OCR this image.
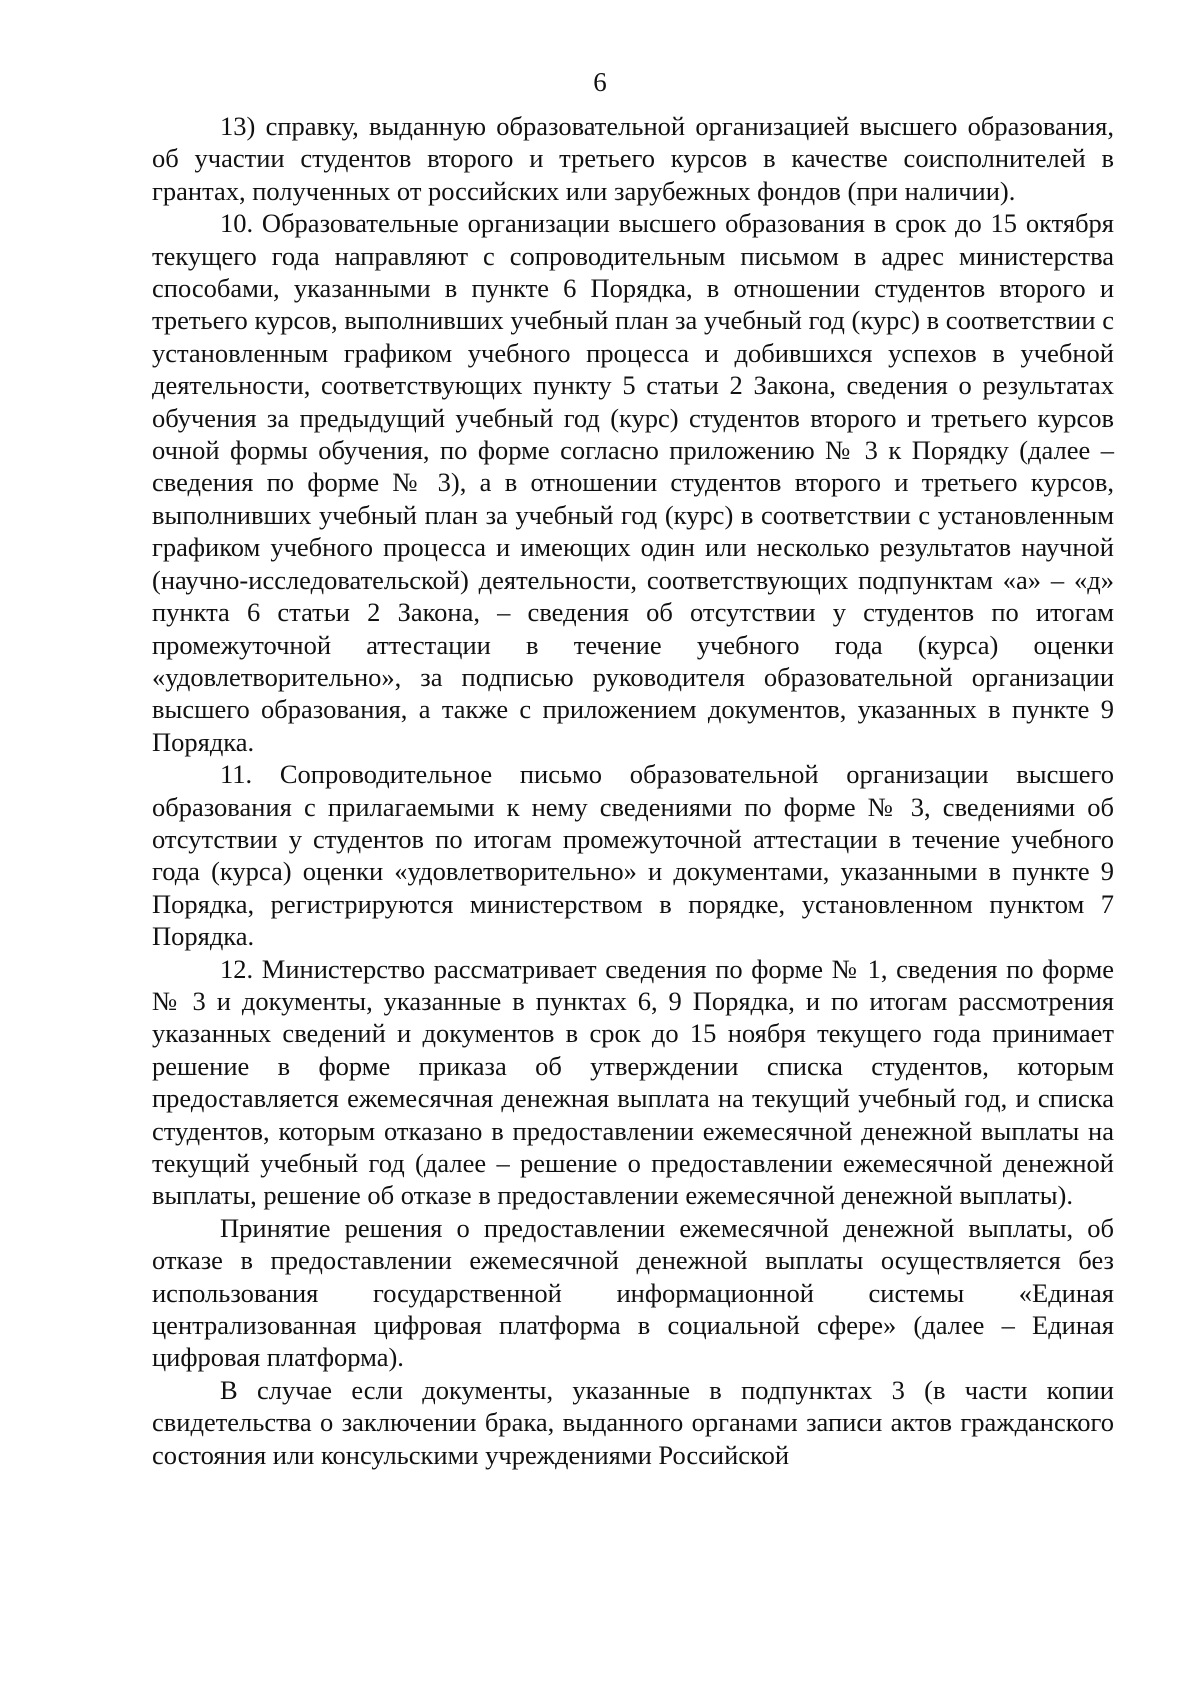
6

13) справку, выданную образовательной организацией высшего образования, об участии студентов второго и третьего курсов в качестве соисполнителей в грантах, полученных от российских или зарубежных фондов (при наличии).

10. Образовательные организации высшего образования в срок до 15 октября текущего года направляют с сопроводительным письмом в адрес министерства способами, указанными в пункте 6 Порядка, в отношении студентов второго и третьего курсов, выполнивших учебный план за учебный год (курс) в соответствии с установленным графиком учебного процесса и добившихся успехов в учебной деятельности, соответствующих пункту 5 статьи 2 Закона, сведения о результатах обучения за предыдущий учебный год (курс) студентов второго и третьего курсов очной формы обучения, по форме согласно приложению № 3 к Порядку (далее – сведения по форме № 3), а в отношении студентов второго и третьего курсов, выполнивших учебный план за учебный год (курс) в соответствии с установленным графиком учебного процесса и имеющих один или несколько результатов научной (научно-исследовательской) деятельности, соответствующих подпунктам «а» – «д» пункта 6 статьи 2 Закона, – сведения об отсутствии у студентов по итогам промежуточной аттестации в течение учебного года (курса) оценки «удовлетворительно», за подписью руководителя образовательной организации высшего образования, а также с приложением документов, указанных в пункте 9 Порядка.

11. Сопроводительное письмо образовательной организации высшего образования с прилагаемыми к нему сведениями по форме № 3, сведениями об отсутствии у студентов по итогам промежуточной аттестации в течение учебного года (курса) оценки «удовлетворительно» и документами, указанными в пункте 9 Порядка, регистрируются министерством в порядке, установленном пунктом 7 Порядка.

12. Министерство рассматривает сведения по форме № 1, сведения по форме № 3 и документы, указанные в пунктах 6, 9 Порядка, и по итогам рассмотрения указанных сведений и документов в срок до 15 ноября текущего года принимает решение в форме приказа об утверждении списка студентов, которым предоставляется ежемесячная денежная выплата на текущий учебный год, и списка студентов, которым отказано в предоставлении ежемесячной денежной выплаты на текущий учебный год (далее – решение о предоставлении ежемесячной денежной выплаты, решение об отказе в предоставлении ежемесячной денежной выплаты).

Принятие решения о предоставлении ежемесячной денежной выплаты, об отказе в предоставлении ежемесячной денежной выплаты осуществляется без использования государственной информационной системы «Единая централизованная цифровая платформа в социальной сфере» (далее – Единая цифровая платформа).

В случае если документы, указанные в подпунктах 3 (в части копии свидетельства о заключении брака, выданного органами записи актов гражданского состояния или консульскими учреждениями Российской
